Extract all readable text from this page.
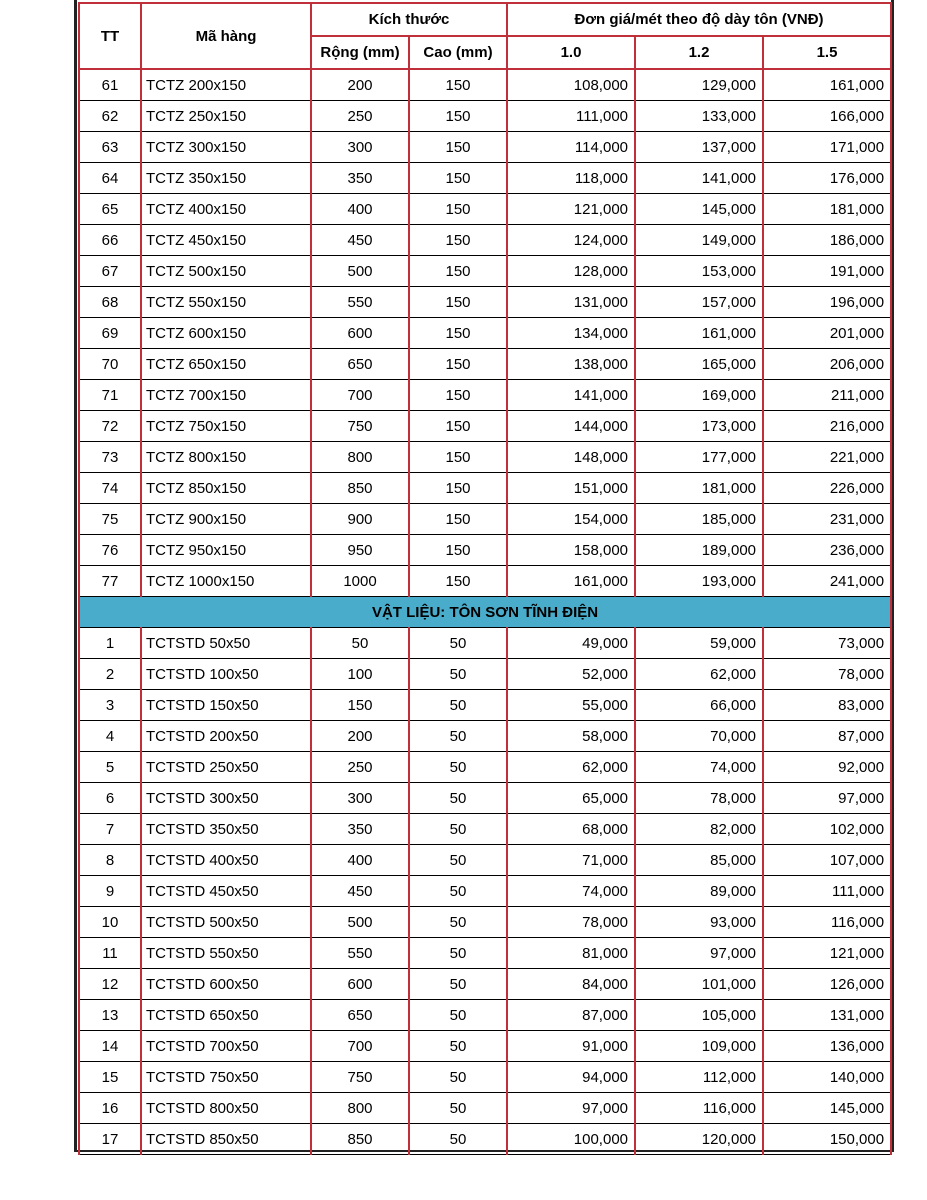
TT	Mã hàng	Kích thước		Đơn giá/mét theo độ dày tôn (VNĐ)		
		Rộng (mm)	Cao (mm)	1.0	1.2	1.5
61	TCTZ 200x150	200	150	108,000	129,000	161,000
62	TCTZ 250x150	250	150	111,000	133,000	166,000
63	TCTZ 300x150	300	150	114,000	137,000	171,000
64	TCTZ 350x150	350	150	118,000	141,000	176,000
65	TCTZ 400x150	400	150	121,000	145,000	181,000
66	TCTZ 450x150	450	150	124,000	149,000	186,000
67	TCTZ 500x150	500	150	128,000	153,000	191,000
68	TCTZ 550x150	550	150	131,000	157,000	196,000
69	TCTZ 600x150	600	150	134,000	161,000	201,000
70	TCTZ 650x150	650	150	138,000	165,000	206,000
71	TCTZ 700x150	700	150	141,000	169,000	211,000
72	TCTZ 750x150	750	150	144,000	173,000	216,000
73	TCTZ 800x150	800	150	148,000	177,000	221,000
74	TCTZ 850x150	850	150	151,000	181,000	226,000
75	TCTZ 900x150	900	150	154,000	185,000	231,000
76	TCTZ 950x150	950	150	158,000	189,000	236,000
77	TCTZ 1000x150	1000	150	161,000	193,000	241,000
VẬT LIỆU: TÔN SƠN TĨNH ĐIỆN						
1	TCTSTD 50x50	50	50	49,000	59,000	73,000
2	TCTSTD 100x50	100	50	52,000	62,000	78,000
3	TCTSTD 150x50	150	50	55,000	66,000	83,000
4	TCTSTD 200x50	200	50	58,000	70,000	87,000
5	TCTSTD 250x50	250	50	62,000	74,000	92,000
6	TCTSTD 300x50	300	50	65,000	78,000	97,000
7	TCTSTD 350x50	350	50	68,000	82,000	102,000
8	TCTSTD 400x50	400	50	71,000	85,000	107,000
9	TCTSTD 450x50	450	50	74,000	89,000	111,000
10	TCTSTD 500x50	500	50	78,000	93,000	116,000
11	TCTSTD 550x50	550	50	81,000	97,000	121,000
12	TCTSTD 600x50	600	50	84,000	101,000	126,000
13	TCTSTD 650x50	650	50	87,000	105,000	131,000
14	TCTSTD 700x50	700	50	91,000	109,000	136,000
15	TCTSTD 750x50	750	50	94,000	112,000	140,000
16	TCTSTD 800x50	800	50	97,000	116,000	145,000
17	TCTSTD 850x50	850	50	100,000	120,000	150,000
